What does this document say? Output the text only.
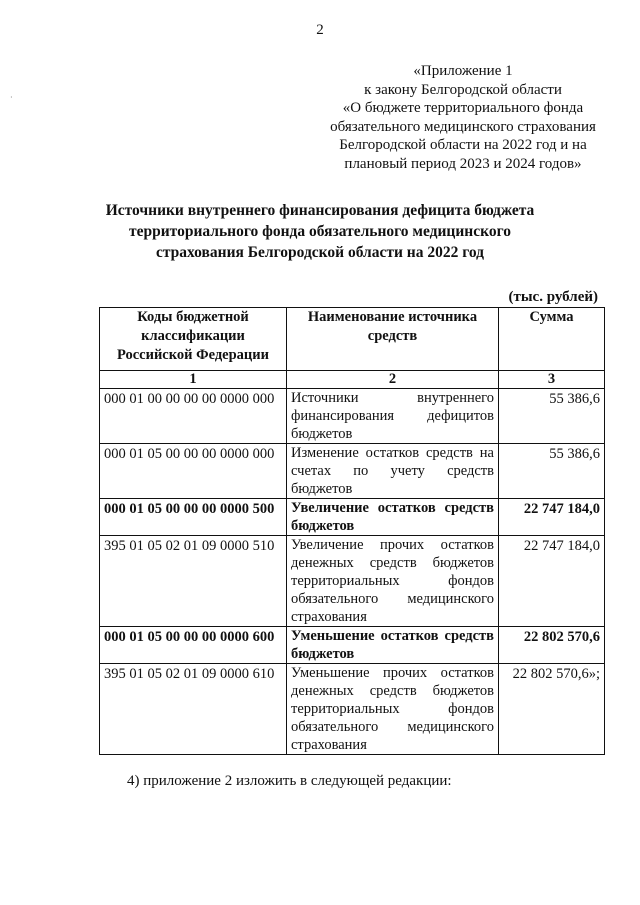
2
·
«Приложение 1
к закону Белгородской области
«О бюджете территориального фонда
обязательного медицинского страхования
Белгородской области на 2022 год и на
плановый период 2023 и 2024 годов»
Источники внутреннего финансирования дефицита бюджета
территориального фонда обязательного медицинского
страхования Белгородской области на 2022 год
(тыс. рублей)
Коды бюджетной классификации Российской Федерации	Наименование источника средств	Сумма
1	2	3
000 01 00 00 00 00 0000 000	Источники внутреннего финансирования дефицитов бюджетов	55 386,6
000 01 05 00 00 00 0000 000	Изменение остатков средств на счетах по учету средств бюджетов	55 386,6
000 01 05 00 00 00 0000 500	Увеличение остатков средств бюджетов	22 747 184,0
395 01 05 02 01 09 0000 510	Увеличение прочих остатков денежных средств бюджетов территориальных фондов обязательного медицинского страхования	22 747 184,0
000 01 05 00 00 00 0000 600	Уменьшение остатков средств бюджетов	22 802 570,6
395 01 05 02 01 09 0000 610	Уменьшение прочих остатков денежных средств бюджетов территориальных фондов обязательного медицинского страхования	22 802 570,6»;
4) приложение 2 изложить в следующей редакции:
